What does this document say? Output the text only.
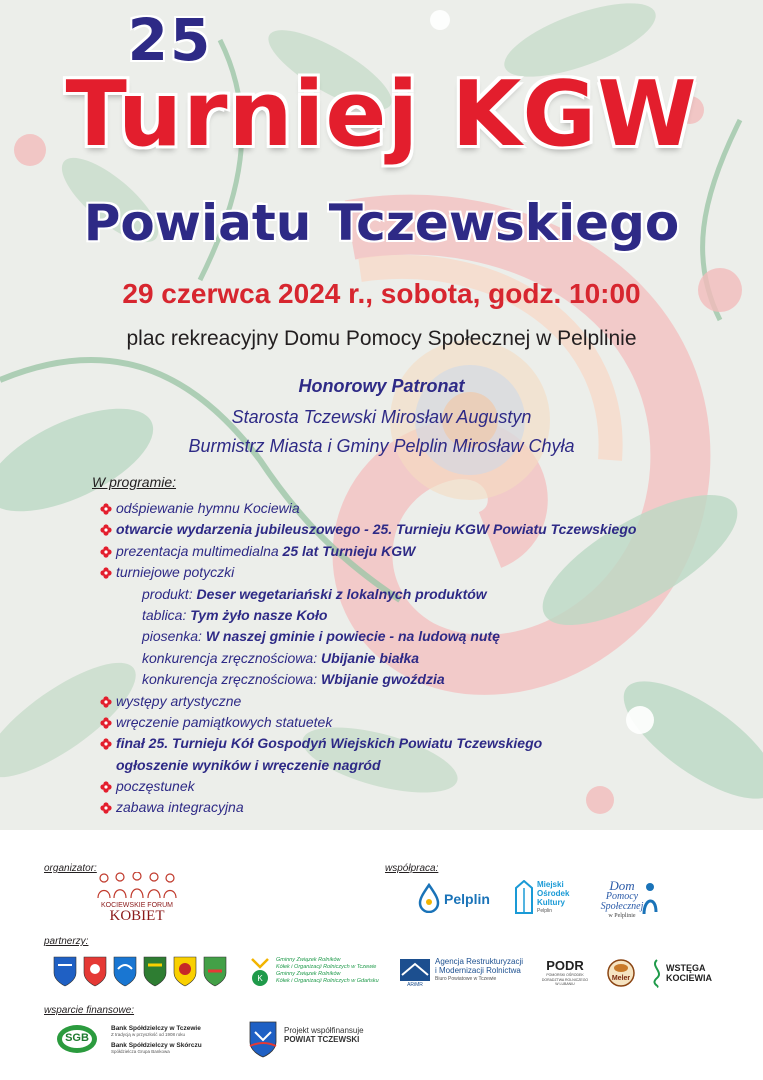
25
Turniej KGW
Powiatu Tczewskiego
29 czerwca 2024 r., sobota, godz. 10:00
plac rekreacyjny Domu Pomocy Społecznej w Pelplinie
Honorowy Patronat
Starosta Tczewski Mirosław Augustyn
Burmistrz Miasta i Gminy Pelplin Mirosław Chyła
W programie:
odśpiewanie hymnu Kociewia
otwarcie wydarzenia jubileuszowego - 25. Turnieju KGW Powiatu Tczewskiego
prezentacja multimedialna 25 lat Turnieju KGW
turniejowe potyczki
produkt: Deser wegetariański z lokalnych produktów
tablica: Tym żyło nasze Koło
piosenka: W naszej gminie i powiecie - na ludową nutę
konkurencja zręcznościowa: Ubijanie białka
konkurencja zręcznościowa: Wbijanie gwoździa
występy artystyczne
wręczenie pamiątkowych statuetek
finał 25. Turnieju Kół Gospodyń Wiejskich Powiatu Tczewskiego
ogłoszenie wyników i wręczenie nagród
poczęstunek
zabawa integracyjna
organizator:
KOCIEWSKIE FORUM
KOBIET
współpraca:
Pelplin
Miejski
Ośrodek
Kultury
Pelplin
Dom
Pomocy
Społecznej
w Pelplinie
partnerzy:
K
Gminny Związek Rolników
Kółek i Organizacji Rolniczych w Tczewie
Gminny Związek Rolników
Kółek i Organizacji Rolniczych w Gdańsku
ARiMR
Agencja Restrukturyzacji
i Modernizacji Rolnictwa
Biuro Powiatowe w Tczewie
PODR
POMORSKI OŚRODEK
DORADZTWA ROLNICZEGO
W LUBANIU
Meler
WSTĘGA
KOCIEWIA
wsparcie finansowe:
SGB
Bank Spółdzielczy w Tczewie
Z tradycją w przyszłość od 1908 roku
Bank Spółdzielczy w Skórczu
Spółdzielcza Grupa Bankowa
Projekt współfinansuje
POWIAT TCZEWSKI
